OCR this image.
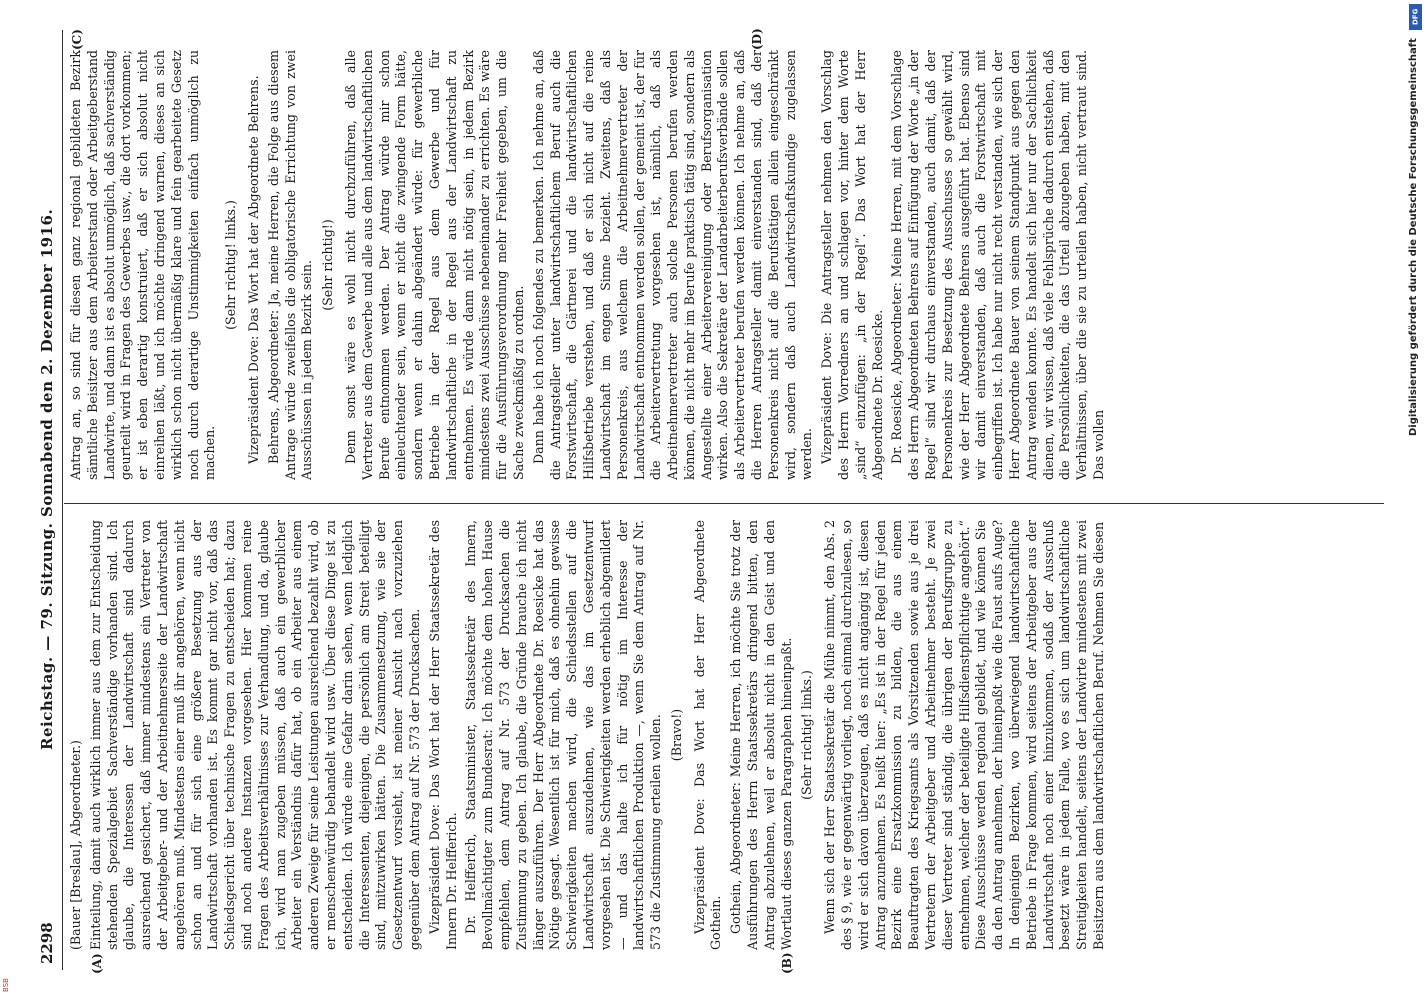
2298
Reichstag. — 79. Sitzung. Sonnabend den 2. Dezember 1916.
(A)	(B)
(C)	(D)

(Bauer [Breslau], Abgeordneter.) Einteilung, damit auch wirklich immer aus dem zur Entscheidung stehenden Spezialgebiet Sachverständige vorhanden sind. Ich glaube, die Interessen der Landwirtschaft sind dadurch ausreichend gesichert, daß immer mindestens ein Vertreter von der Arbeitgeber- und der Arbeitnehmerseite der Landwirtschaft angehören muß. Mindestens einer muß ihr angehören, wenn nicht schon an und für sich eine größere Besetzung aus der Landwirtschaft vorhanden ist. Es kommt gar nicht vor, daß das Schiedsgericht über technische Fragen zu entscheiden hat; dazu sind noch andere Instanzen vorgesehen. Hier kommen reine Fragen des Arbeitsverhältnisses zur Verhandlung, und da, glaube ich, wird man zugeben müssen, daß auch ein gewerblicher Arbeiter ein Verständnis dafür hat, ob ein Arbeiter aus einem anderen Zweige für seine Leistungen ausreichend bezahlt wird, ob er menschenwürdig behandelt wird usw. Über diese Dinge ist zu entscheiden. Ich würde eine Gefahr darin sehen, wenn lediglich die Interessenten, diejenigen, die persönlich am Streit beteiligt sind, mitzuwirken hätten. Die Zusammensetzung, wie sie der Gesetzentwurf vorsieht, ist meiner Ansicht nach vorzuziehen gegenüber dem Antrag auf Nr. 573 der Drucksachen. Vizepräsident Dove: Das Wort hat der Herr Staatssekretär des Innern Dr. Helfferich. Dr. Helfferich, Staatsminister, Staatssekretär des Innern, Bevollmächtigter zum Bundesrat: Ich möchte dem hohen Hause empfehlen, dem Antrag auf Nr. 573 der Drucksachen die Zustimmung zu geben. Ich glaube, die Gründe brauche ich nicht länger auszuführen. Der Herr Abgeordnete Dr. Roesicke hat das Nötige gesagt. Wesentlich ist für mich, daß es ohnehin gewisse Schwierigkeiten machen wird, die Schiedsstellen auf die Landwirtschaft auszudehnen, wie das im Gesetzentwurf vorgesehen ist. Die Schwierigkeiten werden erheblich abgemildert — und das halte ich für nötig im Interesse der landwirtschaftlichen Produktion —, wenn Sie dem Antrag auf Nr. 573 die Zustimmung erteilen wollen. (Bravo!) Vizepräsident Dove: Das Wort hat der Herr Abgeordnete Gothein. Gothein, Abgeordneter: Meine Herren, ich möchte Sie trotz der Ausführungen des Herrn Staatssekretärs dringend bitten, den Antrag abzulehnen, weil er absolut nicht in den Geist und den Wortlaut dieses ganzen Paragraphen hineinpaßt. (Sehr richtig! links.) Wenn sich der Herr Staatssekretär die Mühe nimmt, den Abs. 2 des § 9, wie er gegenwärtig vorliegt, noch einmal durchzulesen, so wird er sich davon überzeugen, daß es nicht angängig ist, diesen Antrag anzunehmen. Es heißt hier: „Es ist in der Regel für jeden Bezirk eine Ersatzkommission zu bilden, die aus einem Beauftragten des Kriegsamts als Vorsitzenden sowie aus je drei Vertretern der Arbeitgeber und Arbeitnehmer besteht. Je zwei dieser Vertreter sind ständig, die übrigen der Berufsgruppe zu entnehmen, welcher der beteiligte Hilfsdienstpflichtige angehört.“ Diese Ausschüsse werden regional gebildet, und wie können Sie da den Antrag annehmen, der hineinpaßt wie die Faust aufs Auge? In denjenigen Bezirken, wo überwiegend landwirtschaftliche Betriebe in Frage kommen, wird seitens der Arbeitgeber aus der Landwirtschaft noch einer hinzukommen, sodaß der Ausschuß besetzt wäre in jedem Falle, wo es sich um landwirtschaftliche Streitigkeiten handelt, seitens der Landwirte mindestens mit zwei Beisitzern aus dem landwirtschaftlichen Beruf. Nehmen Sie diesen

Antrag an, so sind für diesen ganz regional gebildeten Bezirk sämtliche Beisitzer aus dem Arbeiterstand oder Arbeitgeberstand Landwirte, und dann ist es absolut unmöglich, daß sachverständig geurteilt wird in Fragen des Gewerbes usw., die dort vorkommen; er ist eben derartig konstruiert, daß er sich absolut nicht einreihen läßt, und ich möchte dringend warnen, dieses an sich wirklich schon nicht übermäßig klare und fein gearbeitete Gesetz noch durch derartige Unstimmigkeiten einfach unmöglich zu machen.

(Sehr richtig! links.) Vizepräsident Dove: Das Wort hat der Abgeordnete Behrens. Behrens, Abgeordneter: Ja, meine Herren, die Folge aus diesem Antrage würde zweifellos die obligatorische Errichtung von zwei Ausschüssen in jedem Bezirk sein. (Sehr richtig!) Denn sonst wäre es wohl nicht durchzuführen, daß alle Vertreter aus dem Gewerbe und alle aus dem landwirtschaftlichen Berufe entnommen werden. Der Antrag würde mir schon einleuchtender sein, wenn er nicht die zwingende Form hätte, sondern wenn er dahin abgeändert würde: für gewerbliche Betriebe in der Regel aus dem Gewerbe und für landwirtschaftliche in der Regel aus der Landwirtschaft zu entnehmen. Es würde dann nicht nötig sein, in jedem Bezirk mindestens zwei Ausschüsse nebeneinander zu errichten. Es wäre für die Ausführungsverordnung mehr Freiheit gegeben, um die Sache zweckmäßig zu ordnen. Dann habe ich noch folgendes zu bemerken. Ich nehme an, daß die Antragsteller unter landwirtschaftlichem Beruf auch die Forstwirtschaft, die Gärtnerei und die landwirtschaftlichen Hilfsbetriebe verstehen, und daß er sich nicht auf die reine Landwirtschaft im engen Sinne bezieht. Zweitens, daß als Personenkreis, aus welchem die Arbeitnehmervertreter der Landwirtschaft entnommen werden sollen, der gemeint ist, der für die Arbeitervertretung vorgesehen ist, nämlich, daß als Arbeitnehmervertreter auch solche Personen berufen werden können, die nicht mehr im Berufe praktisch tätig sind, sondern als Angestellte einer Arbeitervereinigung oder Berufsorganisation wirken. Also die Sekretäre der Landarbeiterberufsverbände sollen als Arbeitervertreter berufen werden können. Ich nehme an, daß die Herren Antragsteller damit einverstanden sind, daß der Personenkreis nicht auf die Berufstätigen allein eingeschränkt wird, sondern daß auch Landwirtschaftskundige zugelassen werden. Vizepräsident Dove: Die Antragsteller nehmen den Vorschlag des Herrn Vorredners an und schlagen vor, hinter dem Worte „sind“ einzufügen: „in der Regel“. Das Wort hat der Herr Abgeordnete Dr. Roesicke. Dr. Roesicke, Abgeordneter: Meine Herren, mit dem Vorschlage des Herrn Abgeordneten Behrens auf Einfügung der Worte „in der Regel“ sind wir durchaus einverstanden, auch damit, daß der Personenkreis zur Besetzung des Ausschusses so gewählt wird, wie der Herr Abgeordnete Behrens ausgeführt hat. Ebenso sind wir damit einverstanden, daß auch die Forstwirtschaft mit einbegriffen ist. Ich habe nur nicht recht verstanden, wie sich der Herr Abgeordnete Bauer von seinem Standpunkt aus gegen den Antrag wenden konnte. Es handelt sich hier nur der Sachlichkeit dienen, wir wissen, daß viele Fehlsprüche dadurch entstehen, daß die Persönlichkeiten, die das Urteil abzugeben haben, mit den Verhältnissen, über die sie zu urteilen haben, nicht vertraut sind. Das wollen

DFG
Digitalisierung gefördert durch die Deutsche Forschungsgemeinschaft
BSB
